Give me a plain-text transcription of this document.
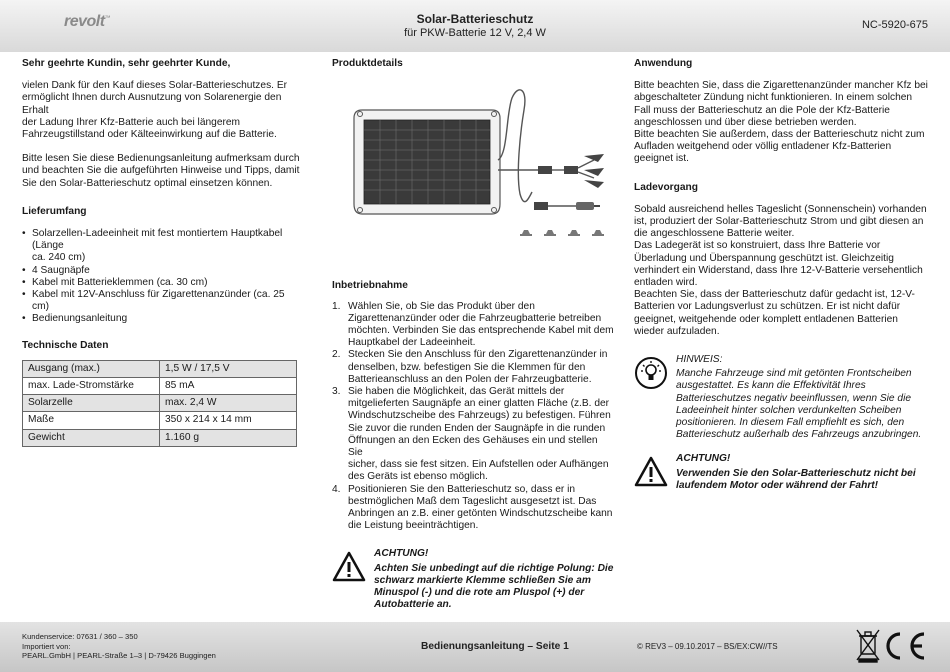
revolt™	Solar-Batterieschutz
für PKW-Batterie 12 V, 2,4 W
NC-5920-675
Sehr geehrte Kundin, sehr geehrter Kunde,
vielen Dank für den Kauf dieses Solar-Batterieschutzes. Er
ermöglicht Ihnen durch Ausnutzung von Solarenergie den Erhalt
der Ladung Ihrer Kfz-Batterie auch bei längerem
Fahrzeugstillstand oder Kälteeinwirkung auf die Batterie.
Bitte lesen Sie diese Bedienungsanleitung aufmerksam durch
und beachten Sie die aufgeführten Hinweise und Tipps, damit
Sie den Solar-Batterieschutz optimal einsetzen können.
Lieferumfang
• Solarzellen-Ladeeinheit mit fest montiertem Hauptkabel (Länge
ca. 240 cm)
• 4 Saugnäpfe
• Kabel mit Batterieklemmen (ca. 30 cm)
• Kabel mit 12V-Anschluss für Zigarettenanzünder (ca. 25 cm)
• Bedienungsanleitung
Technische Daten
Ausgang (max.)	1,5 W / 17,5 V
max. Lade-Stromstärke	85 mA
Solarzelle	max. 2,4 W
Maße	350 x 214 x 14 mm
Gewicht	1.160 g
Produktdetails
Inbetriebnahme
1. Wählen Sie, ob Sie das Produkt über den
Zigarettenanzünder oder die Fahrzeugbatterie betreiben
möchten. Verbinden Sie das entsprechende Kabel mit dem
Hauptkabel der Ladeeinheit.
2. Stecken Sie den Anschluss für den Zigarettenanzünder in
denselben, bzw. befestigen Sie die Klemmen für den
Batterieanschluss an den Polen der Fahrzeugbatterie.
3. Sie haben die Möglichkeit, das Gerät mittels der
mitgelieferten Saugnäpfe an einer glatten Fläche (z.B. der
Windschutzscheibe des Fahrzeugs) zu befestigen. Führen
Sie zuvor die runden Enden der Saugnäpfe in die runden
Öffnungen an den Ecken des Gehäuses ein und stellen Sie
sicher, dass sie fest sitzen. Ein Aufstellen oder Aufhängen
des Geräts ist ebenso möglich.
4. Positionieren Sie den Batterieschutz so, dass er in
bestmöglichen Maß dem Tageslicht ausgesetzt ist. Das
Anbringen an z.B. einer getönten Windschutzscheibe kann
die Leistung beeinträchtigen.
ACHTUNG!
Achten Sie unbedingt auf die richtige Polung: Die
schwarz markierte Klemme schließen Sie am
Minuspol (-) und die rote am Pluspol (+) der
Autobatterie an.
Anwendung
Bitte beachten Sie, dass die Zigarettenanzünder mancher Kfz bei
abgeschalteter Zündung nicht funktionieren. In einem solchen
Fall muss der Batterieschutz an die Pole der Kfz-Batterie
angeschlossen und über diese betrieben werden.
Bitte beachten Sie außerdem, dass der Batterieschutz nicht zum
Aufladen weitgehend oder völlig entladener Kfz-Batterien
geeignet ist.
Ladevorgang
Sobald ausreichend helles Tageslicht (Sonnenschein) vorhanden
ist, produziert der Solar-Batterieschutz Strom und gibt diesen an
die angeschlossene Batterie weiter.
Das Ladegerät ist so konstruiert, dass Ihre Batterie vor
Überladung und Überspannung geschützt ist. Gleichzeitig
verhindert ein Widerstand, dass Ihre 12-V-Batterie versehentlich
entladen wird.
Beachten Sie, dass der Batterieschutz dafür gedacht ist, 12-V-
Batterien vor Ladungsverlust zu schützen. Er ist nicht dafür
geeignet, weitgehende oder komplett entladenen Batterien
wieder aufzuladen.
HINWEIS:
Manche Fahrzeuge sind mit getönten Frontscheiben
ausgestattet. Es kann die Effektivität Ihres
Batterieschutzes negativ beeinflussen, wenn Sie die
Ladeeinheit hinter solchen verdunkelten Scheiben
positionieren. In diesem Fall empfiehlt es sich, den
Batterieschutz außerhalb des Fahrzeugs anzubringen.
ACHTUNG!
Verwenden Sie den Solar-Batterieschutz nicht bei
laufendem Motor oder während der Fahrt!
Kundenservice: 07631 / 360 – 350
Importiert von:
PEARL.GmbH | PEARL-Straße 1–3 | D-79426 Buggingen
Bedienungsanleitung – Seite 1	© REV3 – 09.10.2017 – BS/EX:CW//TS
